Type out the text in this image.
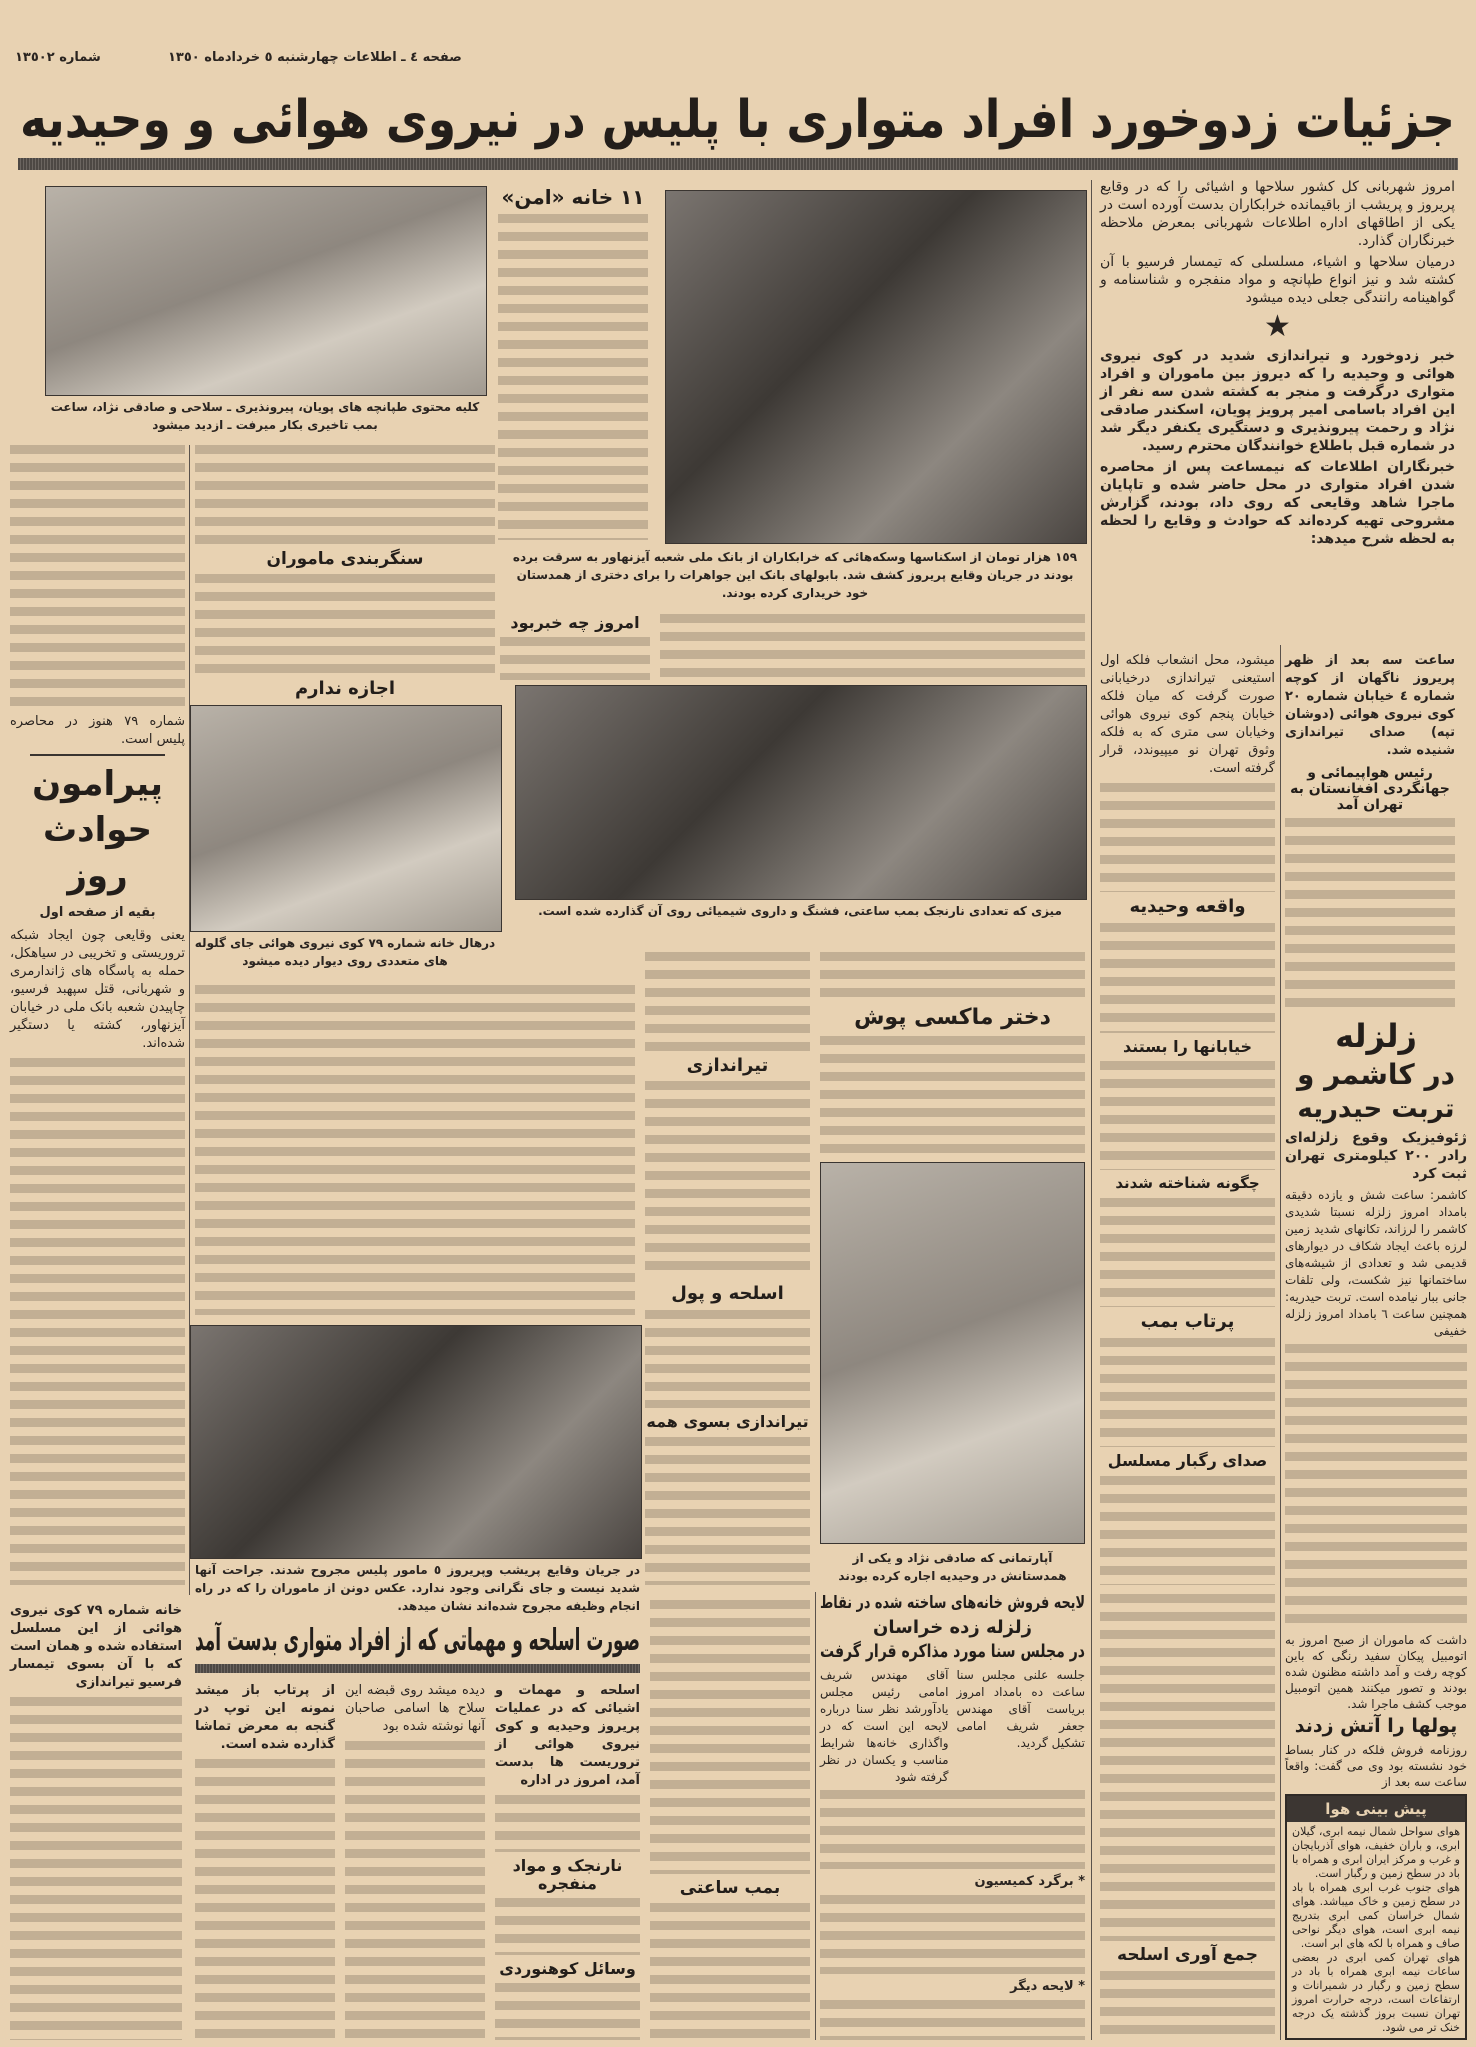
شماره ١٣٥٠٢	صفحه ٤ ـ اطلاعات چهارشنبه ٥ خردادماه ١٣٥٠
جزئیات زدوخورد افراد متواری با پلیس در نیروی هوائی و وحیدیه
کلیه محتوی طپانچه های پویان، پیرونذیری ـ سلاحی و صادقی نژاد، ساعت بمب تاخیری بکار میرفت ـ ازدید میشود
١١ خانه «امن»
١٥٩ هزار تومان از اسکناسها وسکه‌هائی که خرابکاران از بانک ملی شعبه آیزنهاور به سرقت برده بودند در جریان وقایع پریروز کشف شد. بابولهای بانک این جواهرات را برای دختری از همدستان خود خریداری کرده بودند.
امروز شهربانی کل کشور سلاحها و اشیائی را که در وقایع پریروز و پریشب از باقیمانده خرابکاران بدست آورده است در یکی از اطاقهای اداره اطلاعات شهربانی بمعرض ملاحظه خبرنگاران گذارد.
درمیان سلاحها و اشیاء، مسلسلی که تیمسار فرسیو با آن کشته شد و نیز انواع طپانچه و مواد منفجره و شناسنامه و گواهینامه رانندگی جعلی دیده میشود
★
خبر زدوخورد و تیراندازی شدید در کوی نیروی هوائی و وحیدیه را که دیروز بین ماموران و افراد متواری درگرفت و منجر به کشته شدن سه نفر از این افراد باسامی امیر پرویز پویان، اسکندر صادقی نژاد و رحمت پیرونذیری و دستگیری یکنفر دیگر شد در شماره قبل باطلاع خوانندگان محترم رسید.
خبرنگاران اطلاعات که نیمساعت پس از محاصره شدن افراد متواری در محل حاضر شده و تاپایان ماجرا شاهد وقایعی که روی داد، بودند، گزارش مشروحی تهیه کرده‌اند که حوادث و وقایع را لحظه به لحظه شرح میدهد:
شماره ٧٩ هنوز در محاصره پلیس است.
پیرامون حوادث روز
بقیه از صفحه اول
یعنی وقایعی چون ایجاد شبکه تروریستی و تخریبی در سیاهکل، حمله به پاسگاه های ژاندارمری و شهربانی، قتل سپهبد فرسیو، چاپیدن شعبه بانک ملی در خیابان آیزنهاور، کشته یا دستگیر شده‌اند.
سنگربندی ماموران
اجازه ندارم
درهال خانه شماره ٧٩ کوی نیروی هوائی جای گلوله های متعددی روی دیوار دیده میشود
امروز چه خبربود
میزی که تعدادی نارنجک بمب ساعتی، فشنگ و داروی شیمیائی روی آن گذارده شده است.
تیراندازی
اسلحه و پول
تیراندازی بسوی همه
دختر ماکسی پوش
آپارتمانی که صادقی نژاد و یکی از همدستانش در وحیدیه اجاره کرده بودند
میشود، محل انشعاب فلکه اول استیعنی تیراندازی درخیابانی صورت گرفت که میان فلکه خیابان پنجم کوی نیروی هوائی وخیابان سی متری که به فلکه وثوق تهران نو میپیوندد، قرار گرفته است.
واقعه وحیدیه
خیابانها را بستند
چگونه شناخته شدند
پرتاب بمب
صدای رگبار مسلسل
ساعت سه بعد از ظهر پریروز ناگهان از کوچه شماره ٤ خیابان شماره ٢٠ کوی نیروی هوائی (دوشان تپه) صدای تیراندازی شنیده شد.
رئیس هواپیمائی و جهانگردی افغانستان به تهران آمد
زلزله
در کاشمر و
تربت حیدریه
ژئوفیزیک وقوع زلزله‌ای رادر ٢٠٠ کیلومتری تهران ثبت کرد
کاشمر: ساعت شش و یازده دقیقه بامداد امروز زلزله نسبتا شدیدی کاشمر را لرزاند، تکانهای شدید زمین لرزه باعث ایجاد شکاف در دیوارهای قدیمی شد و تعدادی از شیشه‌های ساختمانها نیز شکست، ولی تلفات جانی ببار نیامده است. تربت حیدریه: همچنین ساعت ٦ بامداد امروز زلزله خفیفی
داشت که ماموران از صبح امروز به اتومبیل پیکان سفید رنگی که باین کوچه رفت و آمد داشته مظنون شده بودند و تصور میکنند همین اتومبیل موجب کشف ماجرا شد.
پولها را آتش زدند
روزنامه فروش فلکه در کنار بساط خود نشسته بود وی می گفت: واقعاً ساعت سه بعد از
پیش بینی هوا
هوای سواحل شمال نیمه ابری، گیلان ابری، و باران خفیف، هوای آذربایجان و غرب و مرکز ایران ابری و همراه با باد در سطح زمین و رگبار است.
هوای جنوب غرب ابری همراه با باد در سطح زمین و خاک میباشد. هوای شمال خراسان کمی ابری بتدریج نیمه ابری است، هوای دیگر نواحی صاف و همراه با لکه های ابر است.
هوای تهران کمی ابری در بعضی ساعات نیمه ابری همراه با باد در سطح زمین و رگبار در شمیرانات و ارتفاعات است، درجه حرارت امروز تهران نسبت بروز گذشته یک درجه خنک تر می شود.
در جریان وقایع پریشب وپریروز ٥ مامور پلیس مجروح شدند. جراحت آنها شدید نیست و جای نگرانی وجود ندارد. عکس دونن از ماموران را که در راه انجام وظیفه مجروح شده‌اند نشان میدهد.
صورت اسلحه و مهماتی که از افراد متواری بدست آمد
خانه شماره ٧٩ کوی نیروی هوائی از این مسلسل استفاده شده و همان است که با آن بسوی تیمسار فرسیو تیراندازی
از پرتاب باز میشد نمونه این توپ در گنجه به معرض تماشا گذارده شده است.
دیده میشد روی قبضه این سلاح ها اسامی صاحبان آنها نوشته شده بود
اسلحه و مهمات و اشیائی که در عملیات پریروز وحیدیه و کوی نیروی هوائی از تروریست ها بدست آمد، امروز در اداره
نارنجک و مواد منفجره
وسائل کوهنوردی
بمب ساعتی
لایحه فروش خانه‌های ساخته شده در نقاط
زلزله زده خراسان
در مجلس سنا مورد مذاکره قرار گرفت
جلسه علنی مجلس سنا ساعت ده بامداد امروز بریاست آقای مهندس جعفر شریف امامی تشکیل گردید.
آقای مهندس شریف امامی رئیس مجلس یادآورشد نظر سنا درباره لایحه این است که در واگذاری خانه‌ها شرایط مناسب و یکسان در نظر گرفته شود
* برگرد کمیسیون
* لایحه دیگر
جمع آوری اسلحه
